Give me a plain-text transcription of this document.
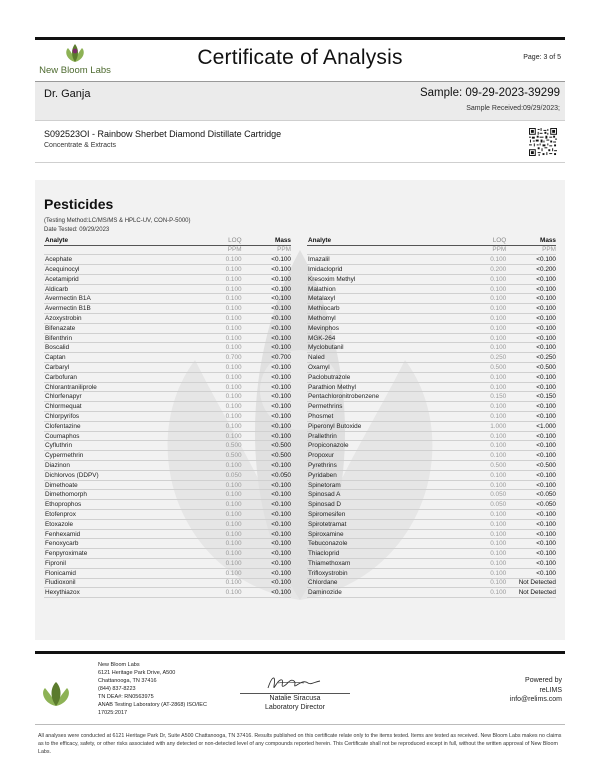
Certificate of Analysis
New Bloom Labs
Page: 3 of 5
Dr. Ganja	Sample: 09-29-2023-39299
Sample Received:09/29/2023;
S092523OI - Rainbow Sherbet Diamond Distillate Cartridge
Concentrate & Extracts
Pesticides
(Testing Method:LC/MS/MS & HPLC-UV, CON-P-5000)
Date Tested: 09/29/2023
Analyte	LOQ	Mass
	PPM	PPM
Acephate	0.100	<0.100
Acequinocyl	0.100	<0.100
Acetamiprid	0.100	<0.100
Aldicarb	0.100	<0.100
Avermectin B1A	0.100	<0.100
Avermectin B1B	0.100	<0.100
Azoxystrobin	0.100	<0.100
Bifenazate	0.100	<0.100
Bifenthrin	0.100	<0.100
Boscalid	0.100	<0.100
Captan	0.700	<0.700
Carbaryl	0.100	<0.100
Carbofuran	0.100	<0.100
Chlorantraniliprole	0.100	<0.100
Chlorfenapyr	0.100	<0.100
Chlormequat	0.100	<0.100
Chlorpyrifos	0.100	<0.100
Clofentazine	0.100	<0.100
Coumaphos	0.100	<0.100
Cyfluthrin	0.500	<0.500
Cypermethrin	0.500	<0.500
Diazinon	0.100	<0.100
Dichlorvos (DDPV)	0.050	<0.050
Dimethoate	0.100	<0.100
Dimethomorph	0.100	<0.100
Ethoprophos	0.100	<0.100
Etofenprox	0.100	<0.100
Etoxazole	0.100	<0.100
Fenhexamid	0.100	<0.100
Fenoxycarb	0.100	<0.100
Fenpyroximate	0.100	<0.100
Fipronil	0.100	<0.100
Flonicamid	0.100	<0.100
Fludioxonil	0.100	<0.100
Hexythiazox	0.100	<0.100
Analyte	LOQ	Mass
	PPM	PPM
Imazalil	0.100	<0.100
Imidacloprid	0.200	<0.200
Kresoxim Methyl	0.100	<0.100
Malathion	0.100	<0.100
Metalaxyl	0.100	<0.100
Methiocarb	0.100	<0.100
Methomyl	0.100	<0.100
Mevinphos	0.100	<0.100
MGK-264	0.100	<0.100
Myclobutanil	0.100	<0.100
Naled	0.250	<0.250
Oxamyl	0.500	<0.500
Paclobutrazole	0.100	<0.100
Parathion Methyl	0.100	<0.100
Pentachloronitrobenzene	0.150	<0.150
Permethrins	0.100	<0.100
Phosmet	0.100	<0.100
Piperonyl Butoxide	1.000	<1.000
Prallethrin	0.100	<0.100
Propiconazole	0.100	<0.100
Propoxur	0.100	<0.100
Pyrethrins	0.500	<0.500
Pyridaben	0.100	<0.100
Spinetoram	0.100	<0.100
Spinosad A	0.050	<0.050
Spinosad D	0.050	<0.050
Spiromesifen	0.100	<0.100
Spirotetramat	0.100	<0.100
Spiroxamine	0.100	<0.100
Tebuconazole	0.100	<0.100
Thiacloprid	0.100	<0.100
Thiamethoxam	0.100	<0.100
Trifloxystrobin	0.100	<0.100
Chlordane	0.100	Not Detected
Daminozide	0.100	Not Detected
New Bloom Labs
6121 Heritage Park Drive, A500
Chattanooga, TN 37416
(844) 837-8223
TN DEA#: RN0563975
ANAB Testing Laboratory (AT-2868) ISO/IEC
17025:2017
Natalie Siracusa
Laboratory Director
Powered by
reLIMS
info@relims.com
All analyses were conducted at 6121 Heritage Park Dr, Suite A500 Chattanooga, TN 37416. Results published on this certificate relate only to the items tested. Items are tested as received. New Bloom Labs makes no claims as to the efficacy, safety, or other risks associated with any detected or non-detected level of any compounds reported herein. This Certificate shall not be reproduced except in full, without the written approval of New Bloom Labs.
